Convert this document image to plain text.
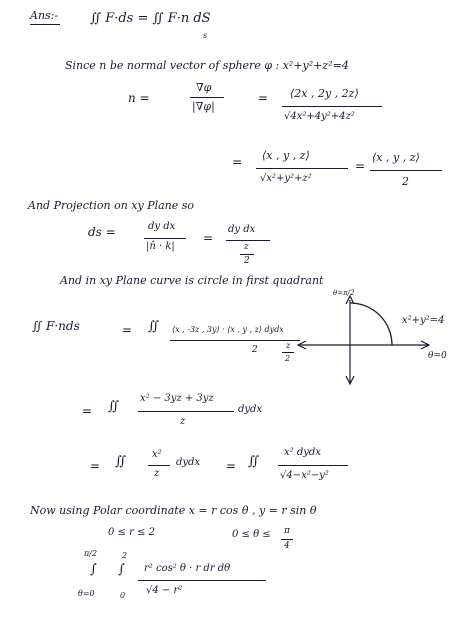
Ans:- ∬ F·ds = ∬ F·n dS
s
Since n be normal vector of sphere φ : x²+y²+z²=4
n =
∇φ
|∇φ|
= ⟨2x , 2y , 2z⟩
√4x²+4y²+4z²
= ⟨x , y , z⟩
√x²+y²+z²
=
⟨x , y , z⟩
2
And Projection on xy Plane so
ds =	dy dx
|n̂ · k|
=
dy dx
z
2
And in xy Plane curve is circle in first quadrant
θ=π/2
x²+y²=4
θ=0
∬ F·nds	= ∬ ⟨x , -3z , 3y⟩ · ⟨x , y , z⟩ dydx
2	z
2
= ∬
x² − 3yz + 3yz
z
dydx
= ∬	x²
z
dydx = ∬
x² dydx
√4−x²−y²
Now using Polar coordinate x = r cos θ , y = r sin θ
0 ≤ r ≤ 2	0 ≤ θ ≤ π
4
π/2
∫
θ=0
2
∫
0
r² cos² θ · r dr dθ
√4 − r²
